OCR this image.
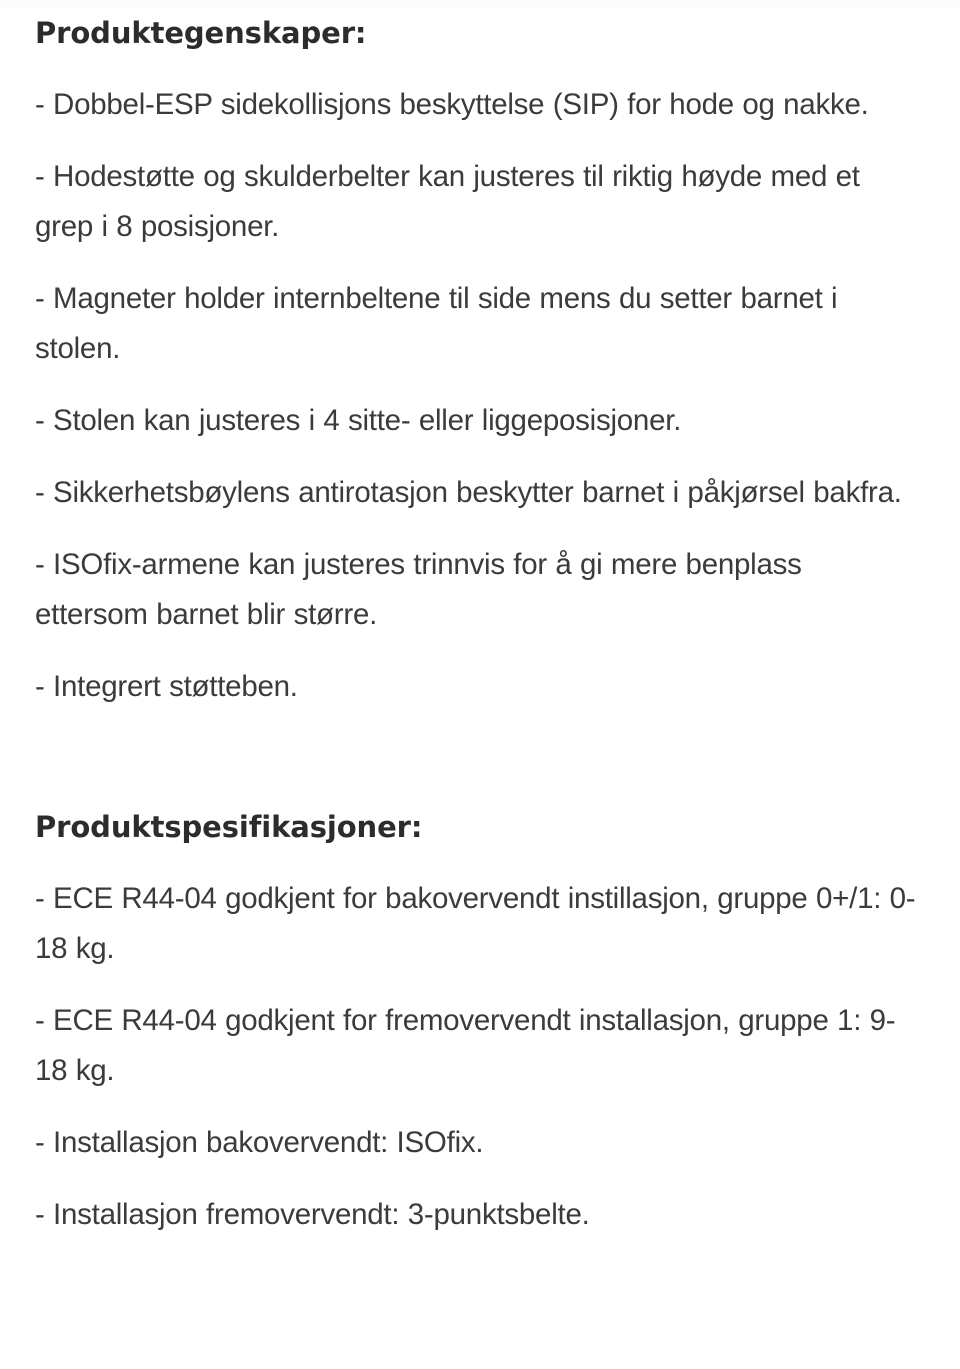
Produktegenskaper:

- Dobbel-ESP sidekollisjons beskyttelse (SIP) for hode og nakke.

- Hodestøtte og skulderbelter kan justeres til riktig høyde med et grep i 8 posisjoner.

- Magneter holder internbeltene til side mens du setter barnet i stolen.

- Stolen kan justeres i 4 sitte- eller liggeposisjoner.

- Sikkerhetsbøylens antirotasjon beskytter barnet i påkjørsel bakfra.

- ISOfix-armene kan justeres trinnvis for å gi mere benplass ettersom barnet blir større.

- Integrert støtteben.

Produktspesifikasjoner:

- ECE R44-04 godkjent for bakovervendt instillasjon, gruppe 0+/1: 0-18 kg.

- ECE R44-04 godkjent for fremovervendt installasjon, gruppe 1: 9-18 kg.

- Installasjon bakovervendt: ISOfix.

- Installasjon fremovervendt: 3-punktsbelte.
